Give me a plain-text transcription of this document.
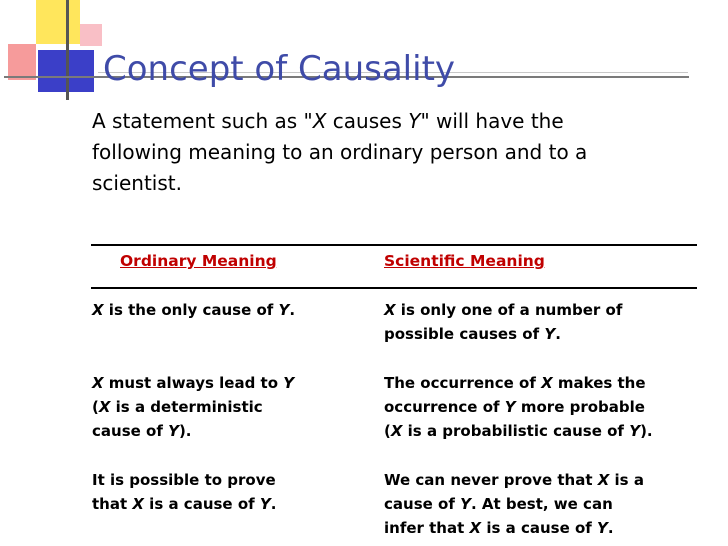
Concept of Causality
A statement such as "X causes Y" will have the
following meaning to an ordinary person and to a
scientist.
Ordinary Meaning	Scientific Meaning
X is the only cause of Y.	X is only one of a number of
possible causes of Y.
X must always lead to Y
(X is a deterministic
cause of Y).
The occurrence of X makes the
occurrence of Y more probable
(X is a probabilistic cause of Y).
It is possible to prove
that X is a cause of Y.
We can never prove that X is a
cause of Y. At best, we can
infer that X is a cause of Y.
